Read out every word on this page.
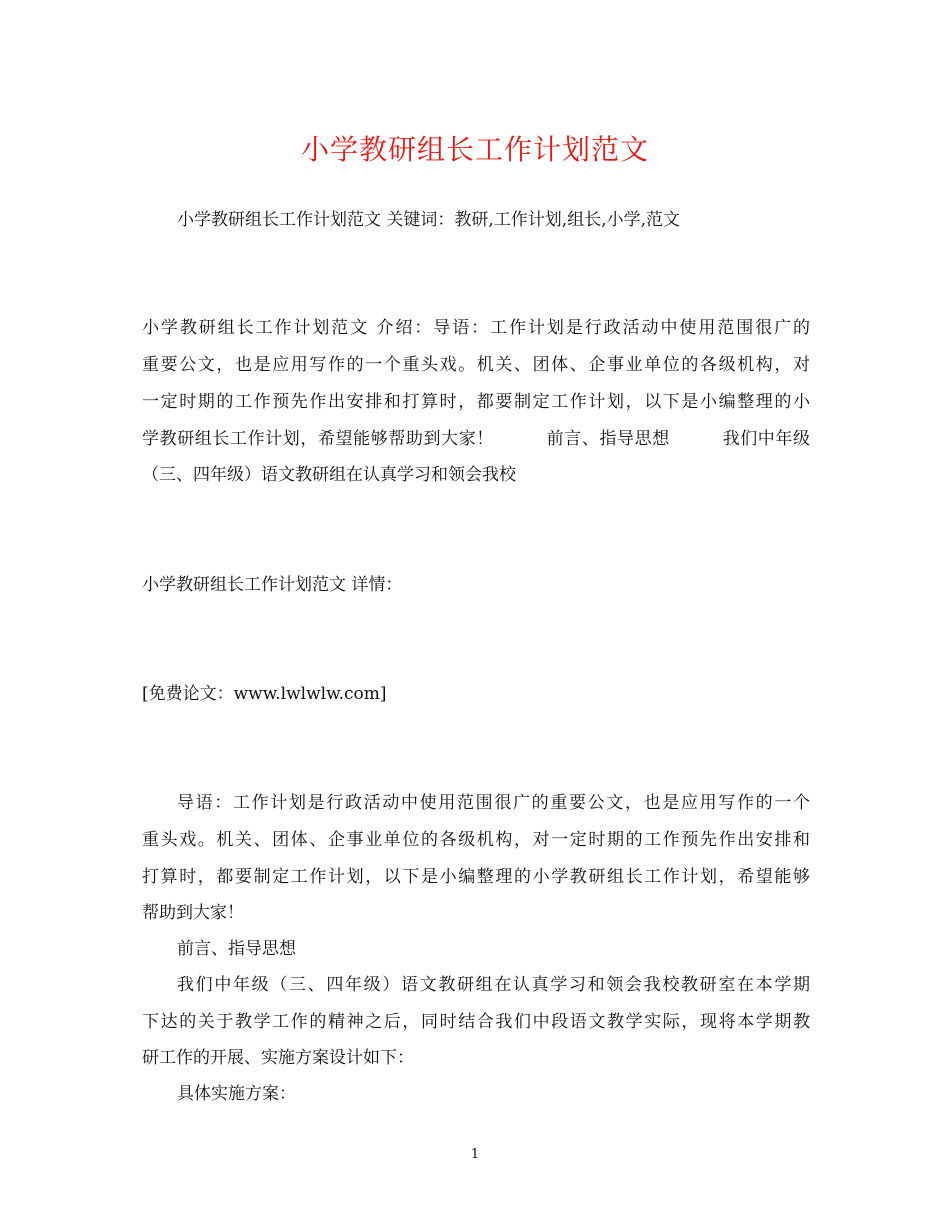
小学教研组长工作计划范文
小学教研组长工作计划范文 关键词：教研,工作计划,组长,小学,范文
小学教研组长工作计划范文 介绍：导语：工作计划是行政活动中使用范围很广的
重要公文，也是应用写作的一个重头戏。机关、团体、企事业单位的各级机构，对
一定时期的工作预先作出安排和打算时，都要制定工作计划，以下是小编整理的小
学教研组长工作计划，希望能够帮助到大家！　　　前言、指导思想　　　我们中年级
（三、四年级）语文教研组在认真学习和领会我校
小学教研组长工作计划范文 详情：
[免费论文：www.lwlwlw.com]
导语：工作计划是行政活动中使用范围很广的重要公文，也是应用写作的一个
重头戏。机关、团体、企事业单位的各级机构，对一定时期的工作预先作出安排和
打算时，都要制定工作计划，以下是小编整理的小学教研组长工作计划，希望能够
帮助到大家！
前言、指导思想
我们中年级（三、四年级）语文教研组在认真学习和领会我校教研室在本学期
下达的关于教学工作的精神之后，同时结合我们中段语文教学实际，现将本学期教
研工作的开展、实施方案设计如下：
具体实施方案：
1
